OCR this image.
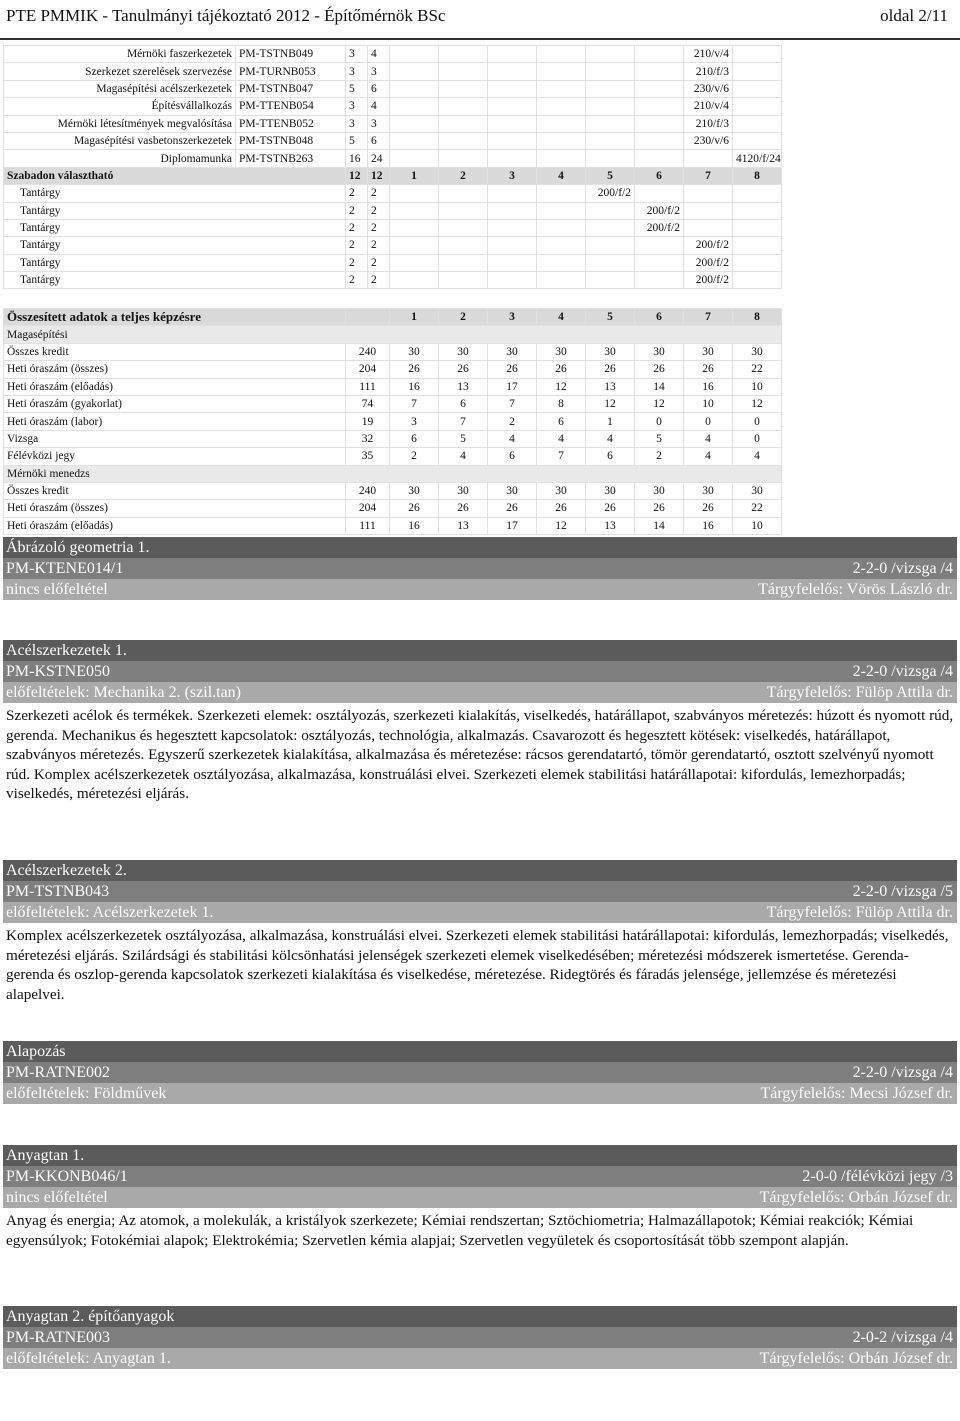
PTE PMMIK - Tanulmányi tájékoztató 2012 - Építőmérnök BSc	oldal 2/11
Mérnöki faszerkezetek	PM-TSTNB049	3	4							210/v/4	
Szerkezet szerelések szervezése	PM-TURNB053	3	3							210/f/3	
Magasépítési acélszerkezetek	PM-TSTNB047	5	6							230/v/6	
Építésvállalkozás	PM-TTENB054	3	4							210/v/4	
Mérnöki létesítmények megvalósítása	PM-TTENB052	3	3							210/f/3	
Magasépítési vasbetonszerkezetek	PM-TSTNB048	5	6							230/v/6	
Diplomamunka	PM-TSTNB263	16	24								4120/f/24
Szabadon választható		12	12	1	2	3	4	5	6	7	8
Tantárgy		2	2					200/f/2			
Tantárgy		2	2						200/f/2		
Tantárgy		2	2						200/f/2		
Tantárgy		2	2							200/f/2	
Tantárgy		2	2							200/f/2	
Tantárgy		2	2							200/f/2	
Összesített adatok a teljes képzésre		1	2	3	4	5	6	7	8
Magasépítési									
Összes kredit	240	30	30	30	30	30	30	30	30
Heti óraszám (összes)	204	26	26	26	26	26	26	26	22
Heti óraszám (előadás)	111	16	13	17	12	13	14	16	10
Heti óraszám (gyakorlat)	74	7	6	7	8	12	12	10	12
Heti óraszám (labor)	19	3	7	2	6	1	0	0	0
Vizsga	32	6	5	4	4	4	5	4	0
Félévközi jegy	35	2	4	6	7	6	2	4	4
Mérnöki menedzs									
Összes kredit	240	30	30	30	30	30	30	30	30
Heti óraszám (összes)	204	26	26	26	26	26	26	26	22
Heti óraszám (előadás)	111	16	13	17	12	13	14	16	10
Ábrázoló geometria 1.
PM-KTENE014/1	2-2-0 /vizsga /4
nincs előfeltétel	Tárgyfelelős: Vörös László dr.
Acélszerkezetek 1.
PM-KSTNE050	2-2-0 /vizsga /4
előfeltételek: Mechanika 2. (szil.tan)	Tárgyfelelős: Fülöp Attila dr.
Szerkezeti acélok és termékek. Szerkezeti elemek: osztályozás, szerkezeti kialakítás, viselkedés, határállapot, szabványos méretezés: húzott és nyomott rúd, gerenda. Mechanikus és hegesztett kapcsolatok: osztályozás, technológia, alkalmazás. Csavarozott és hegesztett kötések: viselkedés, határállapot, szabványos méretezés. Egyszerű szerkezetek kialakítása, alkalmazása és méretezése: rácsos gerendatartó, tömör gerendatartó, osztott szelvényű nyomott rúd. Komplex acélszerkezetek osztályozása, alkalmazása, konstruálási elvei. Szerkezeti elemek stabilitási határállapotai: kifordulás, lemezhorpadás; viselkedés, méretezési eljárás.
Acélszerkezetek 2.
PM-TSTNB043	2-2-0 /vizsga /5
előfeltételek: Acélszerkezetek 1.	Tárgyfelelős: Fülöp Attila dr.
Komplex acélszerkezetek osztályozása, alkalmazása, konstruálási elvei. Szerkezeti elemek stabilitási határállapotai: kifordulás, lemezhorpadás; viselkedés, méretezési eljárás. Szilárdsági és stabilitási kölcsönhatási jelenségek szerkezeti elemek viselkedésében; méretezési módszerek ismertetése. Gerenda-gerenda és oszlop-gerenda kapcsolatok szerkezeti kialakítása és viselkedése, méretezése. Ridegtörés és fáradás jelensége, jellemzése és méretezési alapelvei.
Alapozás
PM-RATNE002	2-2-0 /vizsga /4
előfeltételek: Földművek	Tárgyfelelős: Mecsi József dr.
Anyagtan 1.
PM-KKONB046/1	2-0-0 /félévközi jegy /3
nincs előfeltétel	Tárgyfelelős: Orbán József dr.
Anyag és energia; Az atomok, a molekulák, a kristályok szerkezete; Kémiai rendszertan; Sztöchiometria; Halmazállapotok; Kémiai reakciók; Kémiai egyensúlyok; Fotokémiai alapok; Elektrokémia; Szervetlen kémia alapjai; Szervetlen vegyületek és csoportosítását több szempont alapján.
Anyagtan 2. építőanyagok
PM-RATNE003	2-0-2 /vizsga /4
előfeltételek: Anyagtan 1.	Tárgyfelelős: Orbán József dr.
